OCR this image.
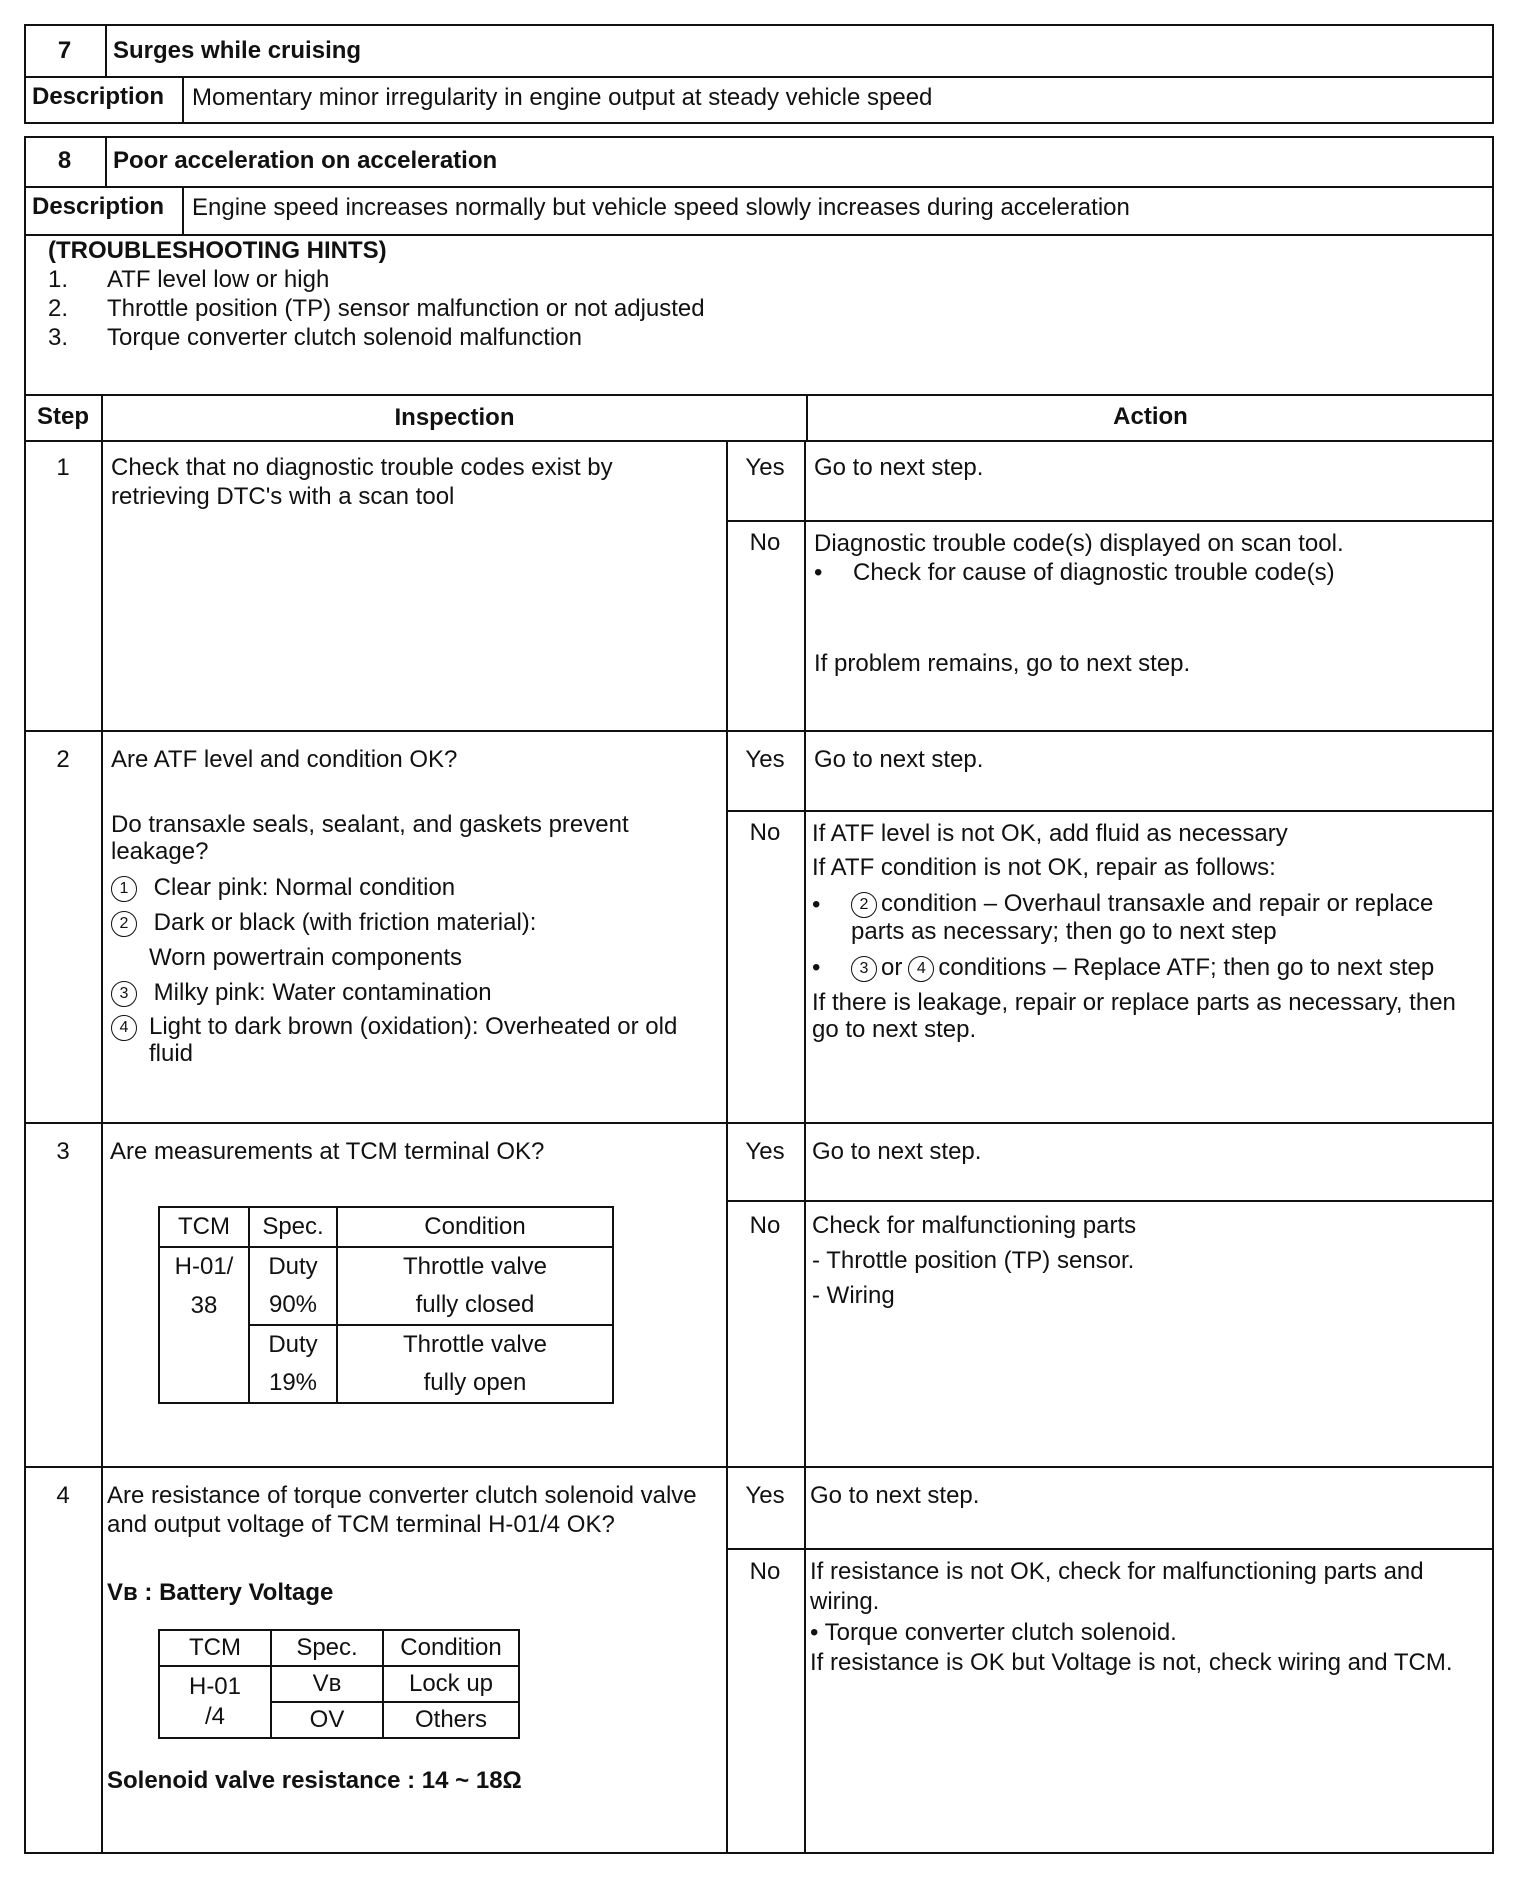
7	Surges while cruising
Description Momentary minor irregularity in engine output at steady vehicle speed
8	Poor acceleration on acceleration
Description Engine speed increases normally but vehicle speed slowly increases during acceleration
(TROUBLESHOOTING HINTS)
1. ATF level low or high
2. Throttle position (TP) sensor malfunction or not adjusted
3. Torque converter clutch solenoid malfunction
Step	Inspection	Action
1	Check that no diagnostic trouble codes exist by retrieving DTC's with a scan tool
Yes	Go to next step.
No	Diagnostic trouble code(s) displayed on scan tool.
• Check for cause of diagnostic trouble code(s)
If problem remains, go to next step.
2	Are ATF level and condition OK?
Do transaxle seals, sealant, and gaskets prevent leakage?
1 Clear pink: Normal condition
2 Dark or black (with friction material):
Worn powertrain components
3 Milky pink: Water contamination
4 Light to dark brown (oxidation): Overheated or old fluid
Yes	Go to next step.
No	If ATF level is not OK, add fluid as necessary
If ATF condition is not OK, repair as follows:
•	2 condition – Overhaul transaxle and repair or replace parts as necessary; then go to next step
•	3 or 4 conditions – Replace ATF; then go to next step
If there is leakage, repair or replace parts as necessary, then go to next step.
3	Are measurements at TCM terminal OK?
TCM	Spec.	Condition
H-01/	Duty	Throttle valve
38	90%	fully closed
	Duty	Throttle valve
	19%	fully open
Yes	Go to next step.
No	Check for malfunctioning parts
- Throttle position (TP) sensor.
- Wiring
4	Are resistance of torque converter clutch solenoid valve and output voltage of TCM terminal H-01/4 OK?
Vʙ : Battery Voltage
TCM	Spec.	Condition
H-01
/4	Vʙ	Lock up
	OV	Others
Solenoid valve resistance : 14 ~ 18Ω
Yes	Go to next step.
No	If resistance is not OK, check for malfunctioning parts and wiring.
• Torque converter clutch solenoid.
If resistance is OK but Voltage is not, check wiring and TCM.
